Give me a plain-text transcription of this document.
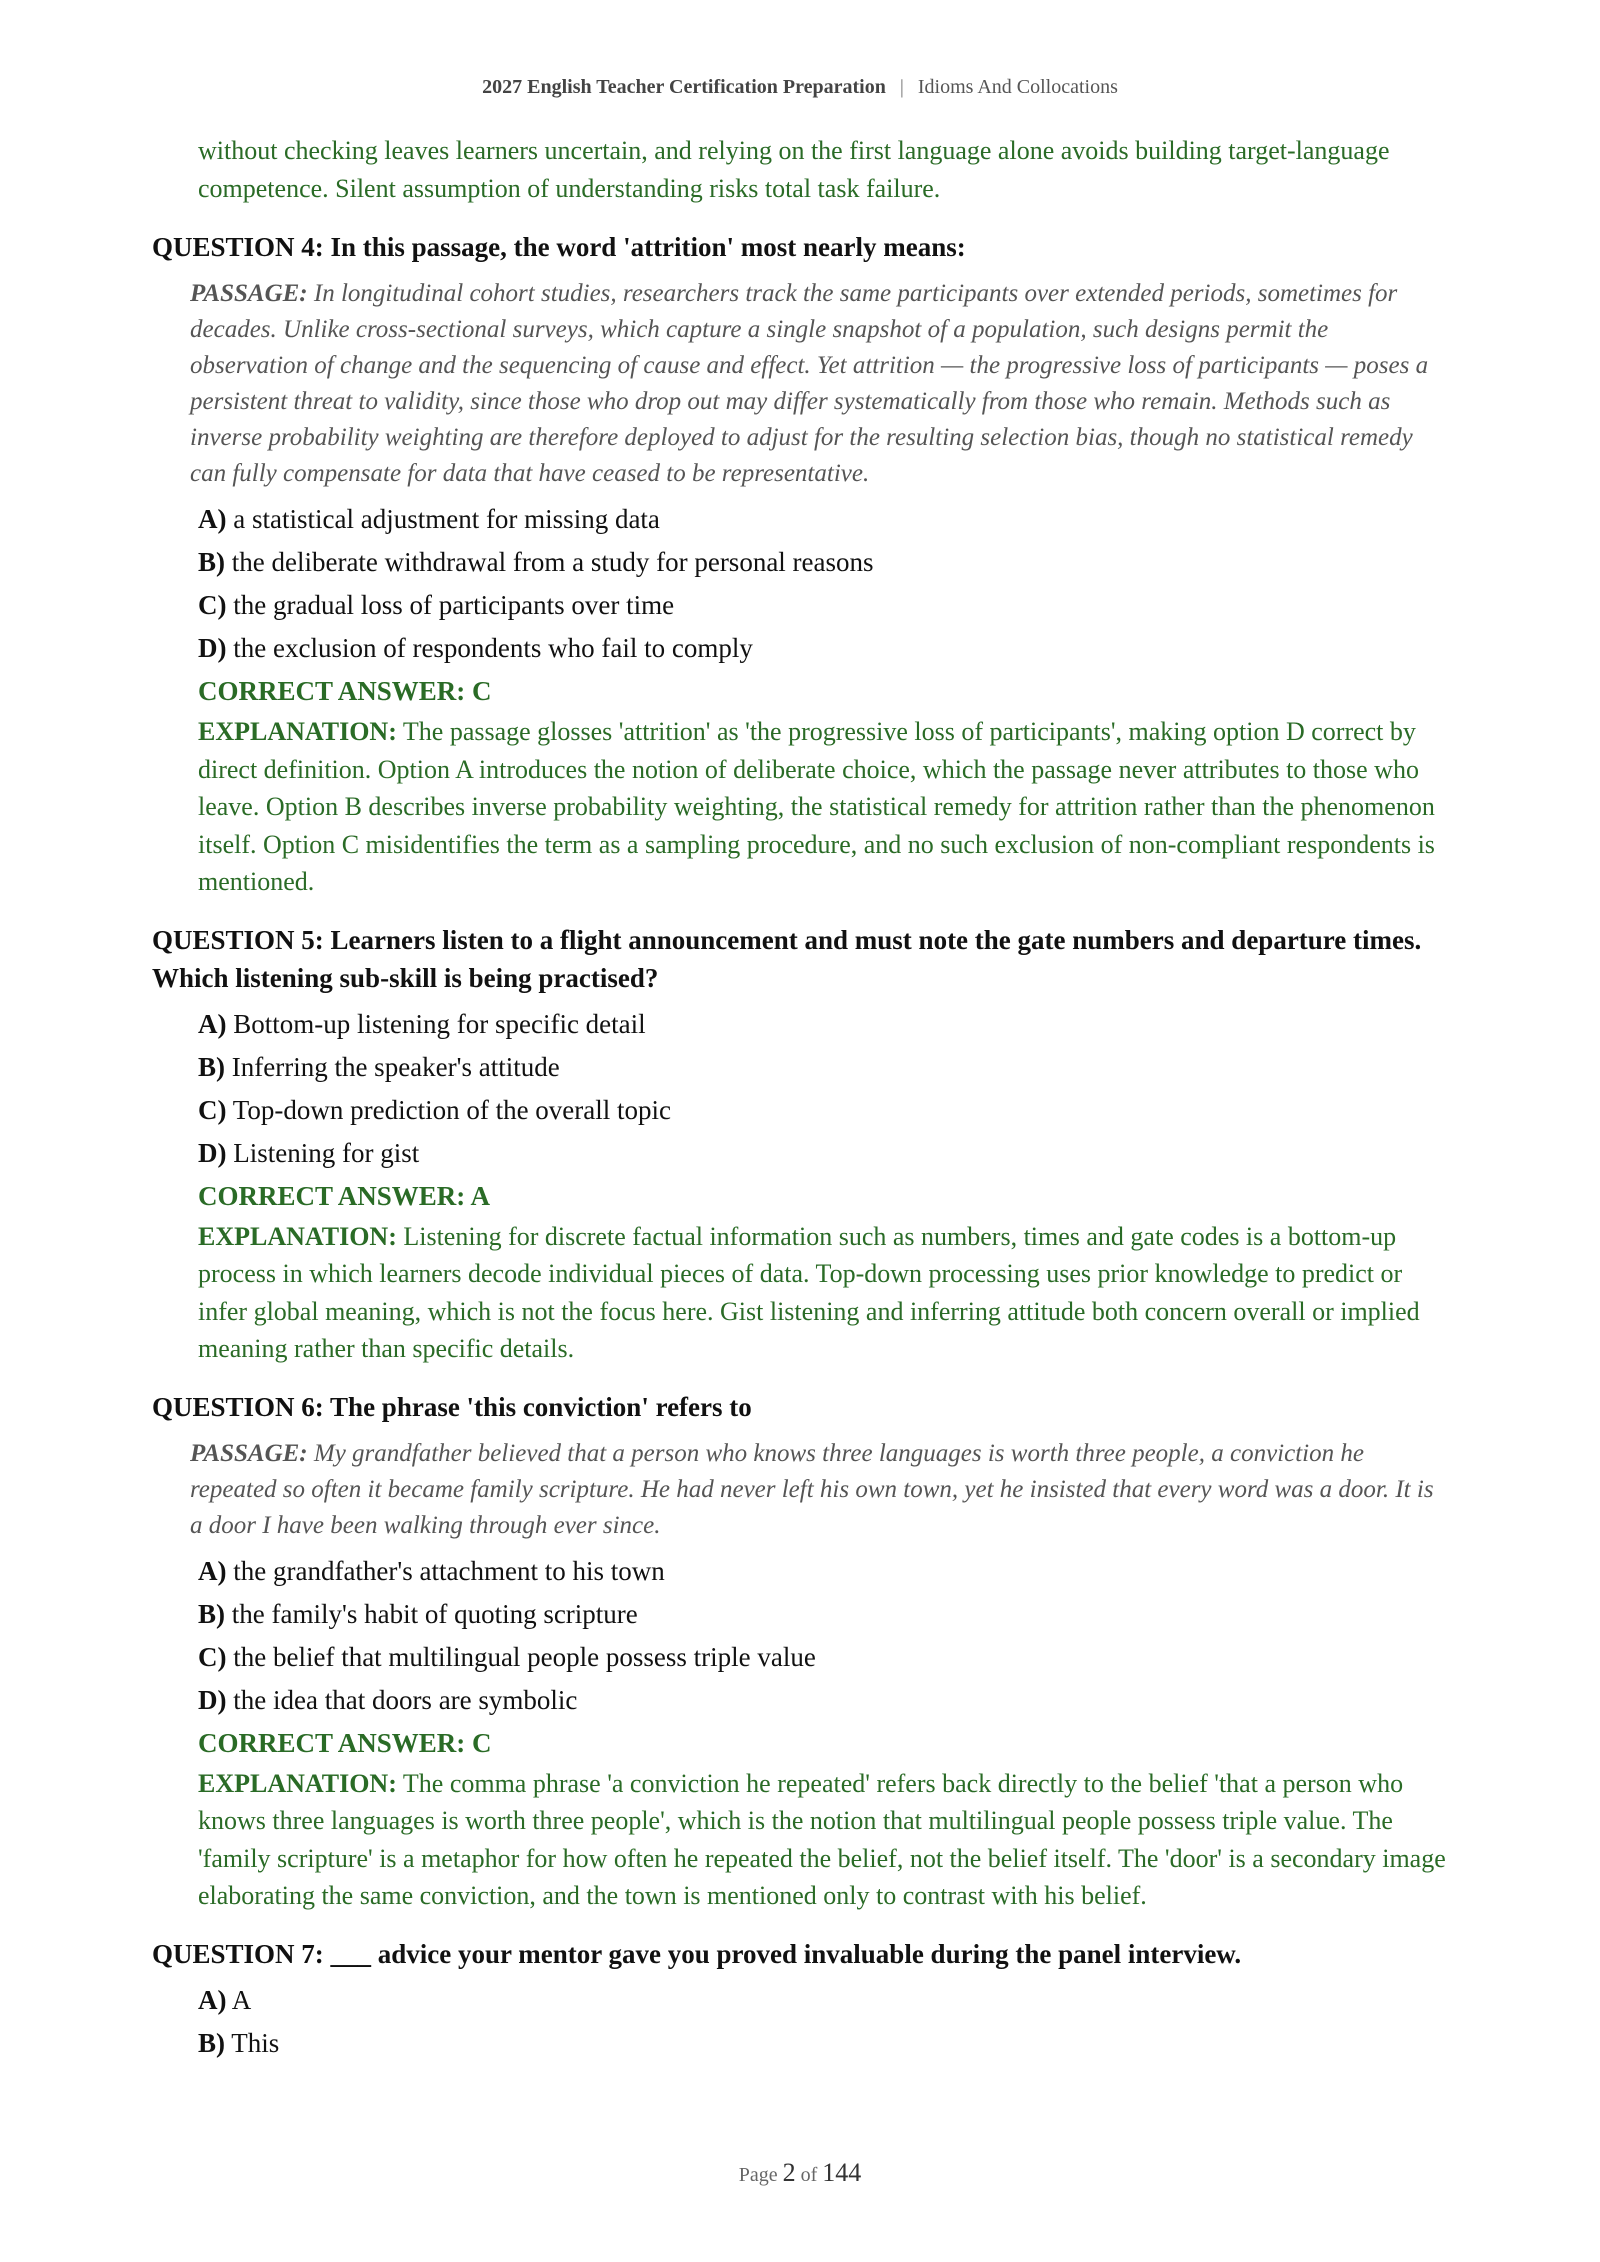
2027 English Teacher Certification Preparation | Idioms And Collocations
without checking leaves learners uncertain, and relying on the first language alone avoids building target-language competence. Silent assumption of understanding risks total task failure.

QUESTION 4: In this passage, the word 'attrition' most nearly means:

PASSAGE: In longitudinal cohort studies, researchers track the same participants over extended periods, sometimes for decades. Unlike cross-sectional surveys, which capture a single snapshot of a population, such designs permit the observation of change and the sequencing of cause and effect. Yet attrition — the progressive loss of participants — poses a persistent threat to validity, since those who drop out may differ systematically from those who remain. Methods such as inverse probability weighting are therefore deployed to adjust for the resulting selection bias, though no statistical remedy can fully compensate for data that have ceased to be representative.
A) a statistical adjustment for missing data
B) the deliberate withdrawal from a study for personal reasons
C) the gradual loss of participants over time
D) the exclusion of respondents who fail to comply
CORRECT ANSWER: C
EXPLANATION: The passage glosses 'attrition' as 'the progressive loss of participants', making option D correct by direct definition. Option A introduces the notion of deliberate choice, which the passage never attributes to those who leave. Option B describes inverse probability weighting, the statistical remedy for attrition rather than the phenomenon itself. Option C misidentifies the term as a sampling procedure, and no such exclusion of non-compliant respondents is mentioned.

QUESTION 5: Learners listen to a flight announcement and must note the gate numbers and departure times. Which listening sub-skill is being practised?

A) Bottom-up listening for specific detail
B) Inferring the speaker's attitude
C) Top-down prediction of the overall topic
D) Listening for gist
CORRECT ANSWER: A
EXPLANATION: Listening for discrete factual information such as numbers, times and gate codes is a bottom-up process in which learners decode individual pieces of data. Top-down processing uses prior knowledge to predict or infer global meaning, which is not the focus here. Gist listening and inferring attitude both concern overall or implied meaning rather than specific details.

QUESTION 6: The phrase 'this conviction' refers to

PASSAGE: My grandfather believed that a person who knows three languages is worth three people, a conviction he repeated so often it became family scripture. He had never left his own town, yet he insisted that every word was a door. It is a door I have been walking through ever since.
A) the grandfather's attachment to his town
B) the family's habit of quoting scripture
C) the belief that multilingual people possess triple value
D) the idea that doors are symbolic
CORRECT ANSWER: C
EXPLANATION: The comma phrase 'a conviction he repeated' refers back directly to the belief 'that a person who knows three languages is worth three people', which is the notion that multilingual people possess triple value. The 'family scripture' is a metaphor for how often he repeated the belief, not the belief itself. The 'door' is a secondary image elaborating the same conviction, and the town is mentioned only to contrast with his belief.

QUESTION 7: ___ advice your mentor gave you proved invaluable during the panel interview.

A) A
B) This
Page 2 of 144
